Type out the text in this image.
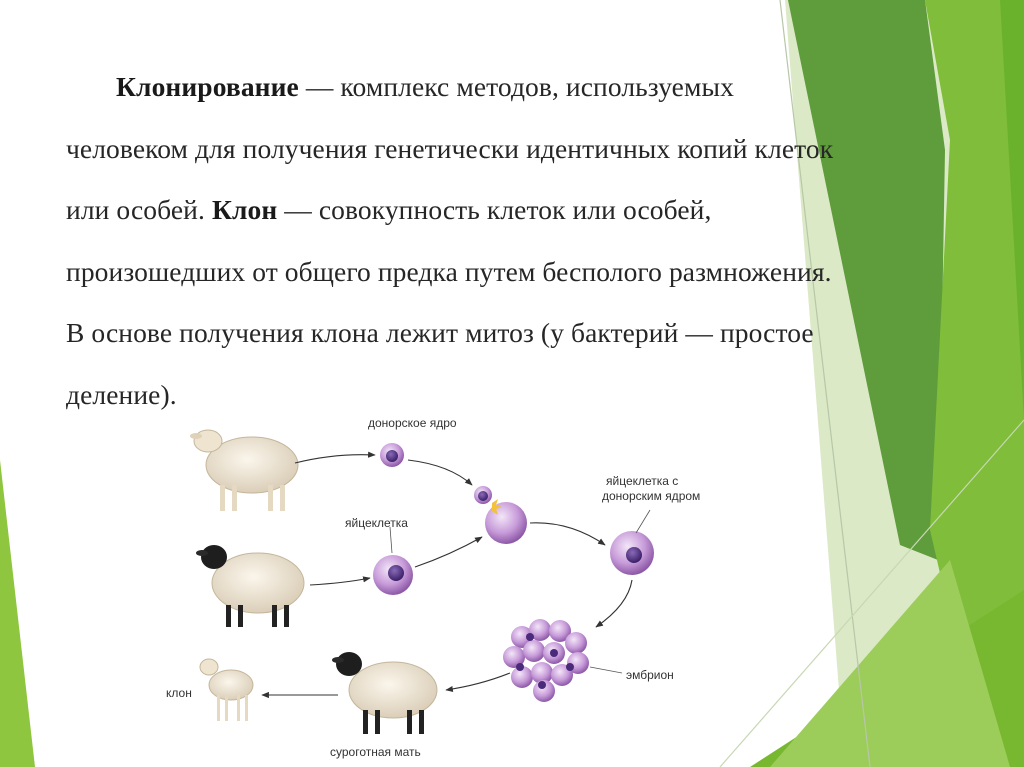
Клонирование — комплекс методов, используемых человеком для получения генетически идентичных копий клеток или особей. Клон — совокупность клеток или особей, произошедших от общего предка путем бесполого размножения. В основе получения клона лежит митоз (у бактерий — простое деление).

донорское ядро
яйцеклетка
яйцеклетка с
донорским ядром
эмбрион
клон
суроготная мать
